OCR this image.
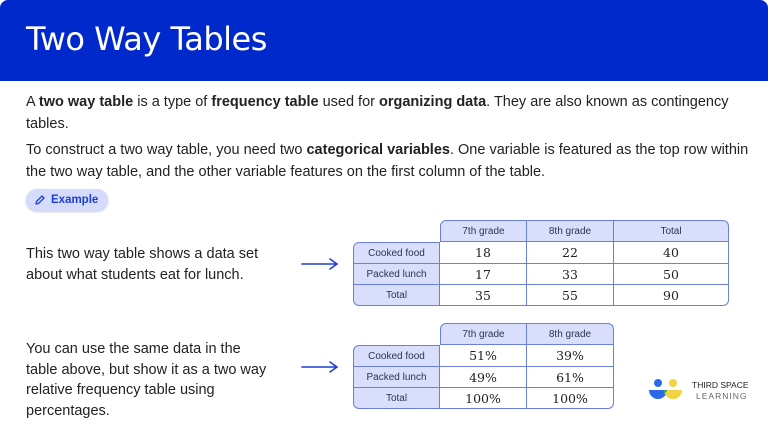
Two Way Tables

A two way table is a type of frequency table used for organizing data. They are also known as contingency tables.

To construct a two way table, you need two categorical variables. One variable is featured as the top row within the two way table, and the other variable features on the first column of the table.

Example
This two way table shows a data set about what students eat for lunch.
You can use the same data in the table above, but show it as a two way relative frequency table using percentages.
	7th grade	8th grade	Total
Cooked food	18	22	40
Packed lunch	17	33	50
Total	35	55	90
	7th grade	8th grade
Cooked food	51%	39%
Packed lunch	49%	61%
Total	100%	100%
THIRD SPACE
LEARNING
